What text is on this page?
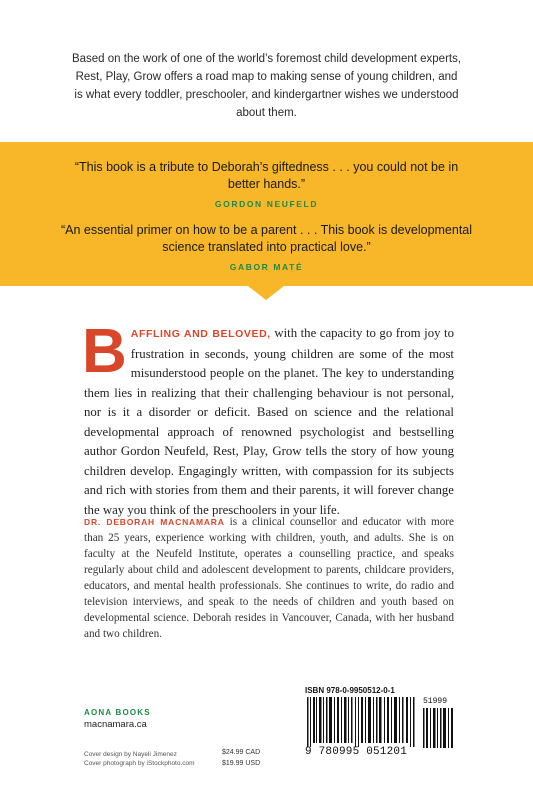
Based on the work of one of the world’s foremost child development experts, Rest, Play, Grow offers a road map to making sense of young children, and is what every toddler, preschooler, and kindergartner wishes we understood about them.

“This book is a tribute to Deborah’s giftedness . . . you could not be in better hands.”
GORDON NEUFELD
“An essential primer on how to be a parent . . . This book is developmental science translated into practical love.”
GABOR MATÉ
BAFFLING AND BELOVED, with the capacity to go from joy to frustration in seconds, young children are some of the most misunderstood people on the planet. The key to understanding them lies in realizing that their challenging behaviour is not personal, nor is it a disorder or deficit. Based on science and the relational developmental approach of renowned psychologist and bestselling author Gordon Neufeld, Rest, Play, Grow tells the story of how young children develop. Engagingly written, with compassion for its subjects and rich with stories from them and their parents, it will forever change the way you think of the preschoolers in your life.
DR. DEBORAH MACNAMARA is a clinical counsellor and educator with more than 25 years, experience working with children, youth, and adults. She is on faculty at the Neufeld Institute, operates a counselling practice, and speaks regularly about child and adolescent development to parents, childcare providers, educators, and mental health professionals. She continues to write, do radio and television interviews, and speak to the needs of children and youth based on developmental science. Deborah resides in Vancouver, Canada, with her husband and two children.
AONA BOOKS
macnamara.ca
Cover design by Nayeli Jimenez
Cover photograph by iStockphoto.com
$24.99 CAD
$19.99 USD
ISBN 978-0-9950512-0-1
51999
9 780995 051201
